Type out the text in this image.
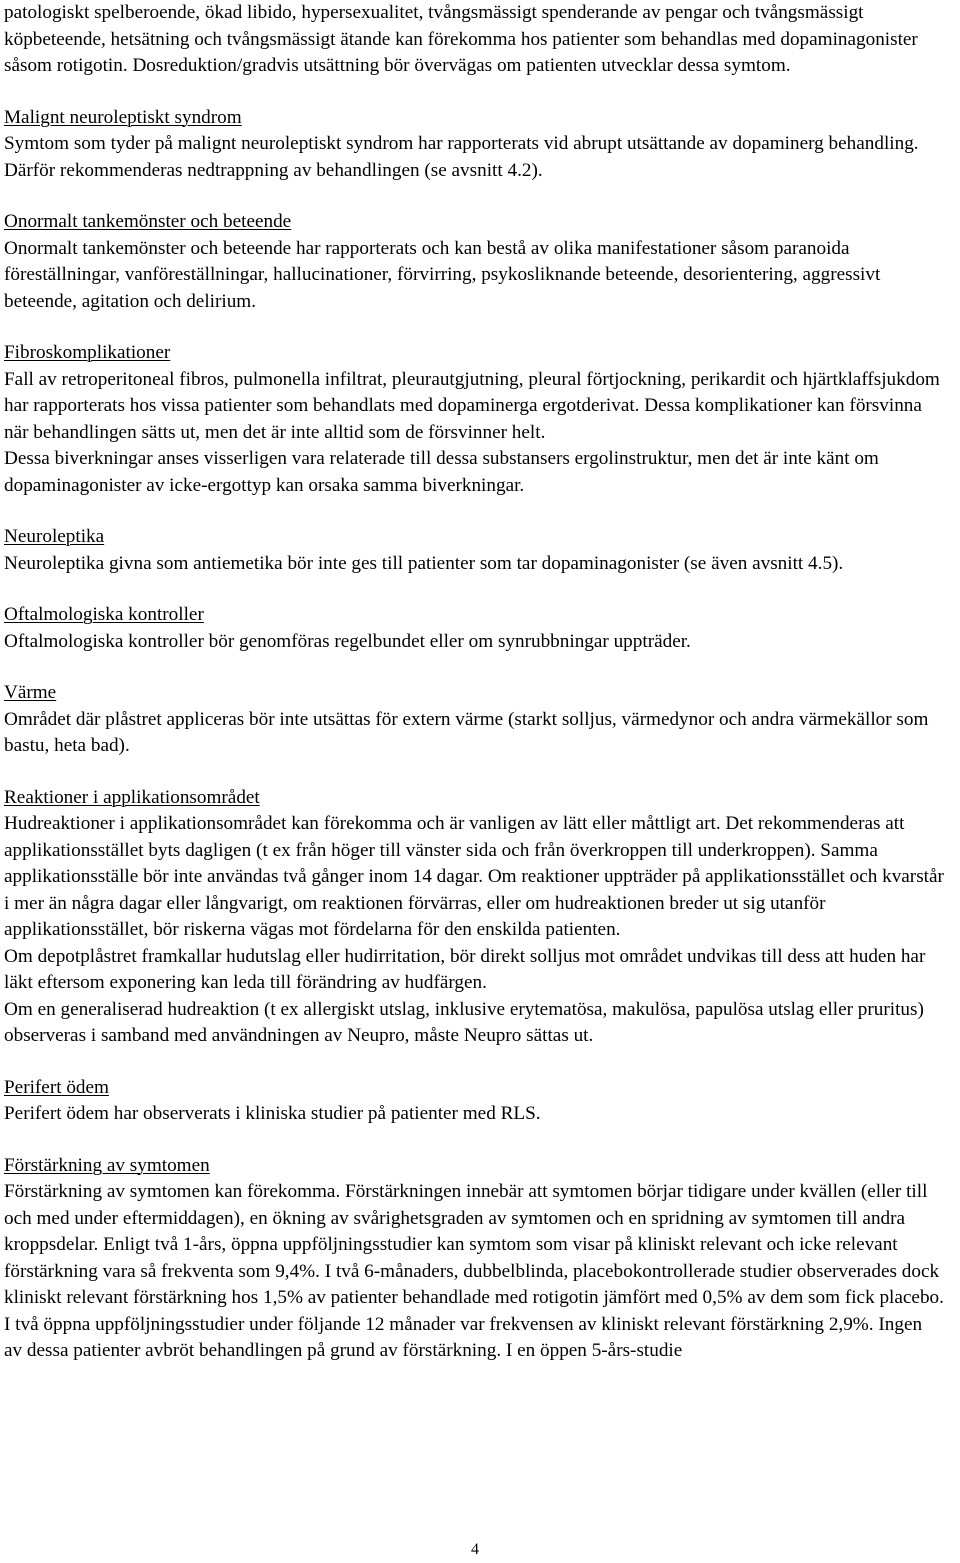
patologiskt spelberoende, ökad libido, hypersexualitet, tvångsmässigt spenderande av pengar och tvångsmässigt köpbeteende, hetsätning och tvångsmässigt ätande kan förekomma hos patienter som behandlas med dopaminagonister såsom rotigotin. Dosreduktion/gradvis utsättning bör övervägas om patienten utvecklar dessa symtom.

Malignt neuroleptiskt syndrom

Symtom som tyder på malignt neuroleptiskt syndrom har rapporterats vid abrupt utsättande av dopaminerg behandling. Därför rekommenderas nedtrappning av behandlingen (se avsnitt 4.2).

Onormalt tankemönster och beteende

Onormalt tankemönster och beteende har rapporterats och kan bestå av olika manifestationer såsom paranoida föreställningar, vanföreställningar, hallucinationer, förvirring, psykosliknande beteende, desorientering, aggressivt beteende, agitation och delirium.

Fibroskomplikationer

Fall av retroperitoneal fibros, pulmonella infiltrat, pleurautgjutning, pleural förtjockning, perikardit och hjärtklaffsjukdom har rapporterats hos vissa patienter som behandlats med dopaminerga ergotderivat. Dessa komplikationer kan försvinna när behandlingen sätts ut, men det är inte alltid som de försvinner helt.

Dessa biverkningar anses visserligen vara relaterade till dessa substansers ergolinstruktur, men det är inte känt om dopaminagonister av icke-ergottyp kan orsaka samma biverkningar.

Neuroleptika

Neuroleptika givna som antiemetika bör inte ges till patienter som tar dopaminagonister (se även avsnitt 4.5).

Oftalmologiska kontroller

Oftalmologiska kontroller bör genomföras regelbundet eller om synrubbningar uppträder.

Värme

Området där plåstret appliceras bör inte utsättas för extern värme (starkt solljus, värmedynor och andra värmekällor som bastu, heta bad).

Reaktioner i applikationsområdet

Hudreaktioner i applikationsområdet kan förekomma och är vanligen av lätt eller måttligt art. Det rekommenderas att applikationsstället byts dagligen (t ex från höger till vänster sida och från överkroppen till underkroppen). Samma applikationsställe bör inte användas två gånger inom 14 dagar. Om reaktioner uppträder på applikationsstället och kvarstår i mer än några dagar eller långvarigt, om reaktionen förvärras, eller om hudreaktionen breder ut sig utanför applikationsstället, bör riskerna vägas mot fördelarna för den enskilda patienten.

Om depotplåstret framkallar hudutslag eller hudirritation, bör direkt solljus mot området undvikas till dess att huden har läkt eftersom exponering kan leda till förändring av hudfärgen.

Om en generaliserad hudreaktion (t ex allergiskt utslag, inklusive erytematösa, makulösa, papulösa utslag eller pruritus) observeras i samband med användningen av Neupro, måste Neupro sättas ut.

Perifert ödem

Perifert ödem har observerats i kliniska studier på patienter med RLS.

Förstärkning av symtomen

Förstärkning av symtomen kan förekomma. Förstärkningen innebär att symtomen börjar tidigare under kvällen (eller till och med under eftermiddagen), en ökning av svårighetsgraden av symtomen och en spridning av symtomen till andra kroppsdelar. Enligt två 1-års, öppna uppföljningsstudier kan symtom som visar på kliniskt relevant och icke relevant förstärkning vara så frekventa som 9,4%. I två 6-månaders, dubbelblinda, placebokontrollerade studier observerades dock kliniskt relevant förstärkning hos 1,5% av patienter behandlade med rotigotin jämfört med 0,5% av dem som fick placebo. I två öppna uppföljningsstudier under följande 12 månader var frekvensen av kliniskt relevant förstärkning 2,9%. Ingen av dessa patienter avbröt behandlingen på grund av förstärkning. I en öppen 5-års-studie

4
